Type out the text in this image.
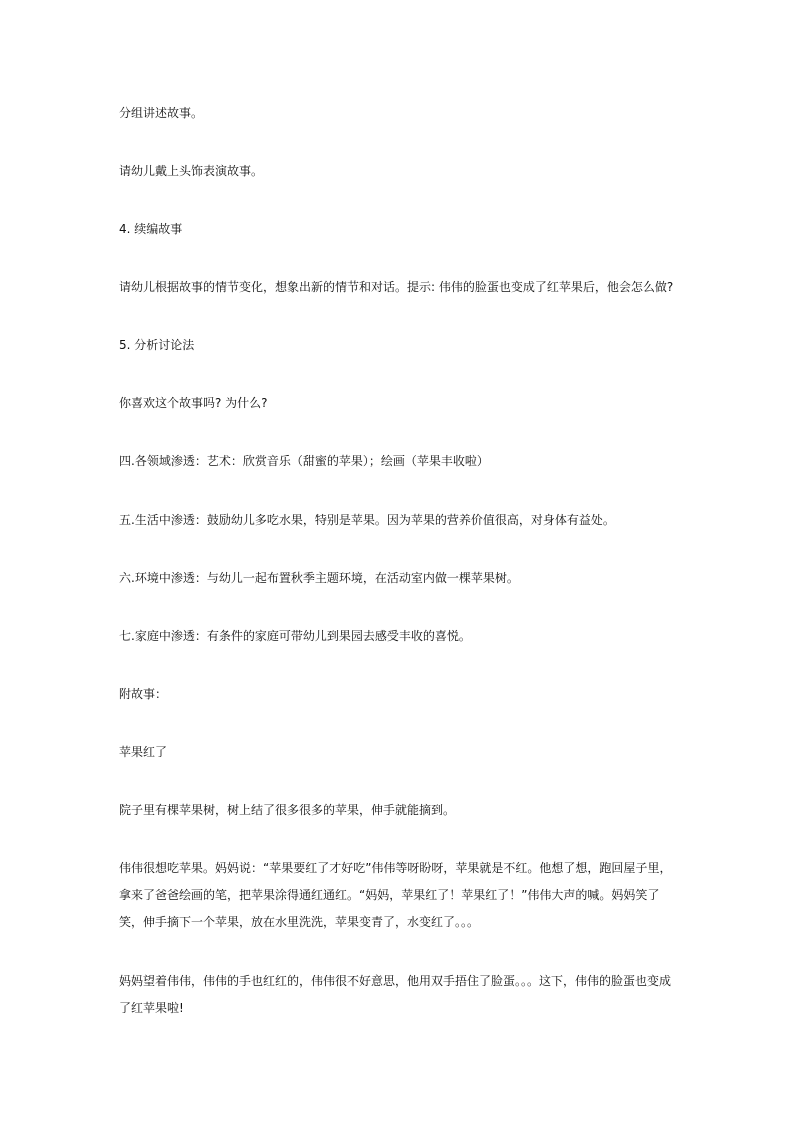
分组讲述故事。
请幼儿戴上头饰表演故事。
4. 续编故事
请幼儿根据故事的情节变化，想象出新的情节和对话。提示: 伟伟的脸蛋也变成了红苹果后，他会怎么做?
5. 分析讨论法
你喜欢这个故事吗? 为什么?
四.各领域渗透：艺术：欣赏音乐（甜蜜的苹果）；绘画（苹果丰收啦）
五.生活中渗透：鼓励幼儿多吃水果，特别是苹果。因为苹果的营养价值很高，对身体有益处。
六.环境中渗透：与幼儿一起布置秋季主题环境，在活动室内做一棵苹果树。
七.家庭中渗透：有条件的家庭可带幼儿到果园去感受丰收的喜悦。
附故事：
苹果红了
院子里有棵苹果树，树上结了很多很多的苹果，伸手就能摘到。
伟伟很想吃苹果。妈妈说：“苹果要红了才好吃”伟伟等呀盼呀，苹果就是不红。他想了想，跑回屋子里，拿来了爸爸绘画的笔，把苹果涂得通红通红。“妈妈，苹果红了！苹果红了！”伟伟大声的喊。妈妈笑了笑，伸手摘下一个苹果，放在水里洗洗，苹果变青了，水变红了。。。
妈妈望着伟伟，伟伟的手也红红的，伟伟很不好意思，他用双手捂住了脸蛋。。。这下，伟伟的脸蛋也变成了红苹果啦!
